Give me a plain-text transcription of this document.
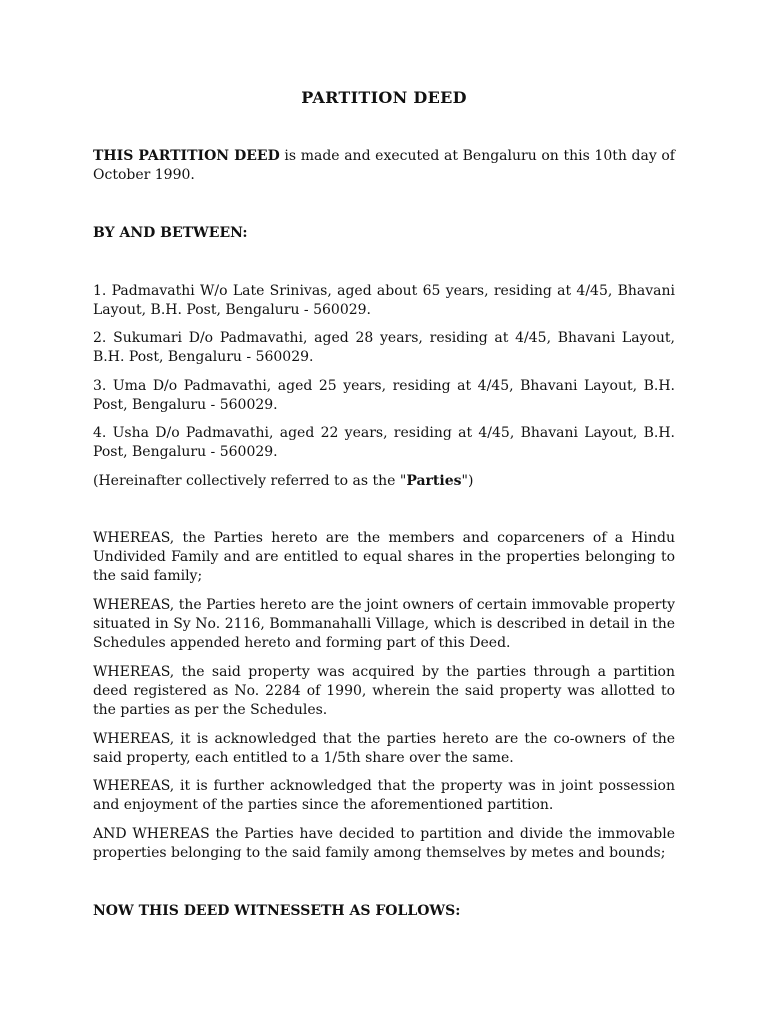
PARTITION DEED

THIS PARTITION DEED is made and executed at Bengaluru on this 10th day of October 1990.

BY AND BETWEEN:

1. Padmavathi W/o Late Srinivas, aged about 65 years, residing at 4/45, Bhavani Layout, B.H. Post, Bengaluru - 560029.

2. Sukumari D/o Padmavathi, aged 28 years, residing at 4/45, Bhavani Layout, B.H. Post, Bengaluru - 560029.

3. Uma D/o Padmavathi, aged 25 years, residing at 4/45, Bhavani Layout, B.H. Post, Bengaluru - 560029.

4. Usha D/o Padmavathi, aged 22 years, residing at 4/45, Bhavani Layout, B.H. Post, Bengaluru - 560029.

(Hereinafter collectively referred to as the "Parties")

WHEREAS, the Parties hereto are the members and coparceners of a Hindu Undivided Family and are entitled to equal shares in the properties belonging to the said family;

WHEREAS, the Parties hereto are the joint owners of certain immovable property situated in Sy No. 2116, Bommanahalli Village, which is described in detail in the Schedules appended hereto and forming part of this Deed.

WHEREAS, the said property was acquired by the parties through a partition deed registered as No. 2284 of 1990, wherein the said property was allotted to the parties as per the Schedules.

WHEREAS, it is acknowledged that the parties hereto are the co-owners of the said property, each entitled to a 1/5th share over the same.

WHEREAS, it is further acknowledged that the property was in joint possession and enjoyment of the parties since the aforementioned partition.

AND WHEREAS the Parties have decided to partition and divide the immovable properties belonging to the said family among themselves by metes and bounds;

NOW THIS DEED WITNESSETH AS FOLLOWS:
